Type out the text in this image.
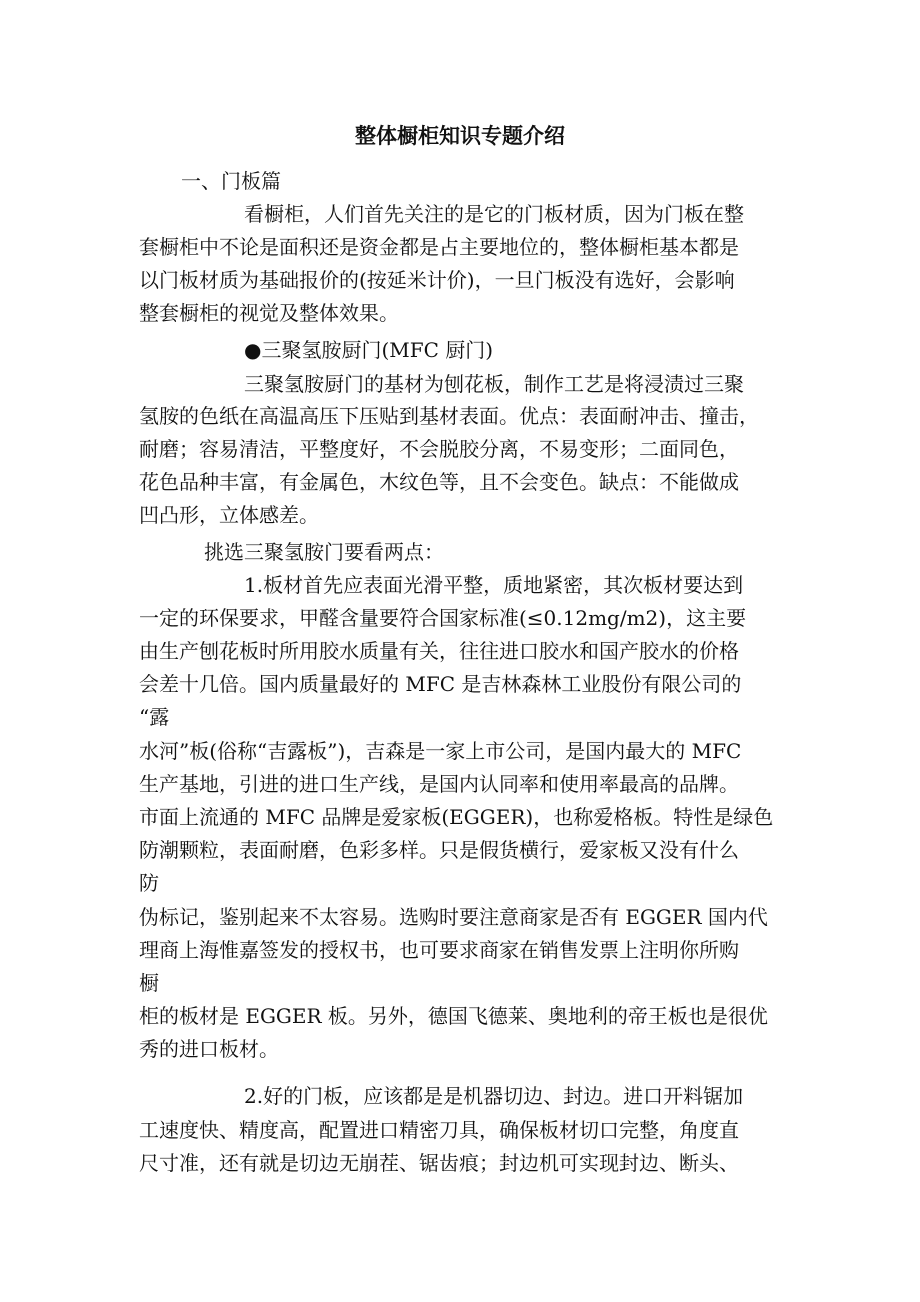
整体橱柜知识专题介绍

一、门板篇

看橱柜，人们首先关注的是它的门板材质，因为门板在整

套橱柜中不论是面积还是资金都是占主要地位的，整体橱柜基本都是

以门板材质为基础报价的(按延米计价)，一旦门板没有选好，会影响

整套橱柜的视觉及整体效果。

●三聚氢胺厨门(MFC 厨门)

三聚氢胺厨门的基材为刨花板，制作工艺是将浸渍过三聚

氢胺的色纸在高温高压下压贴到基材表面。优点：表面耐冲击、撞击，

耐磨；容易清洁，平整度好，不会脱胶分离，不易变形；二面同色，

花色品种丰富，有金属色，木纹色等，且不会变色。缺点：不能做成

凹凸形，立体感差。

挑选三聚氢胺门要看两点：

1.板材首先应表面光滑平整，质地紧密，其次板材要达到

一定的环保要求，甲醛含量要符合国家标准(≤0.12mg/m2)，这主要

由生产刨花板时所用胶水质量有关，往往进口胶水和国产胶水的价格

会差十几倍。国内质量最好的 MFC 是吉林森林工业股份有限公司的

“露

水河”板(俗称“吉露板”)，吉森是一家上市公司，是国内最大的 MFC

生产基地，引进的进口生产线，是国内认同率和使用率最高的品牌。

市面上流通的 MFC 品牌是爱家板(EGGER)，也称爱格板。特性是绿色

防潮颗粒，表面耐磨，色彩多样。只是假货横行，爱家板又没有什么

防

伪标记，鉴别起来不太容易。选购时要注意商家是否有 EGGER 国内代

理商上海惟嘉签发的授权书，也可要求商家在销售发票上注明你所购

橱

柜的板材是 EGGER 板。另外，德国飞德莱、奥地利的帝王板也是很优

秀的进口板材。

2.好的门板，应该都是是机器切边、封边。进口开料锯加

工速度快、精度高，配置进口精密刀具，确保板材切口完整，角度直

尺寸准，还有就是切边无崩茬、锯齿痕；封边机可实现封边、断头、
